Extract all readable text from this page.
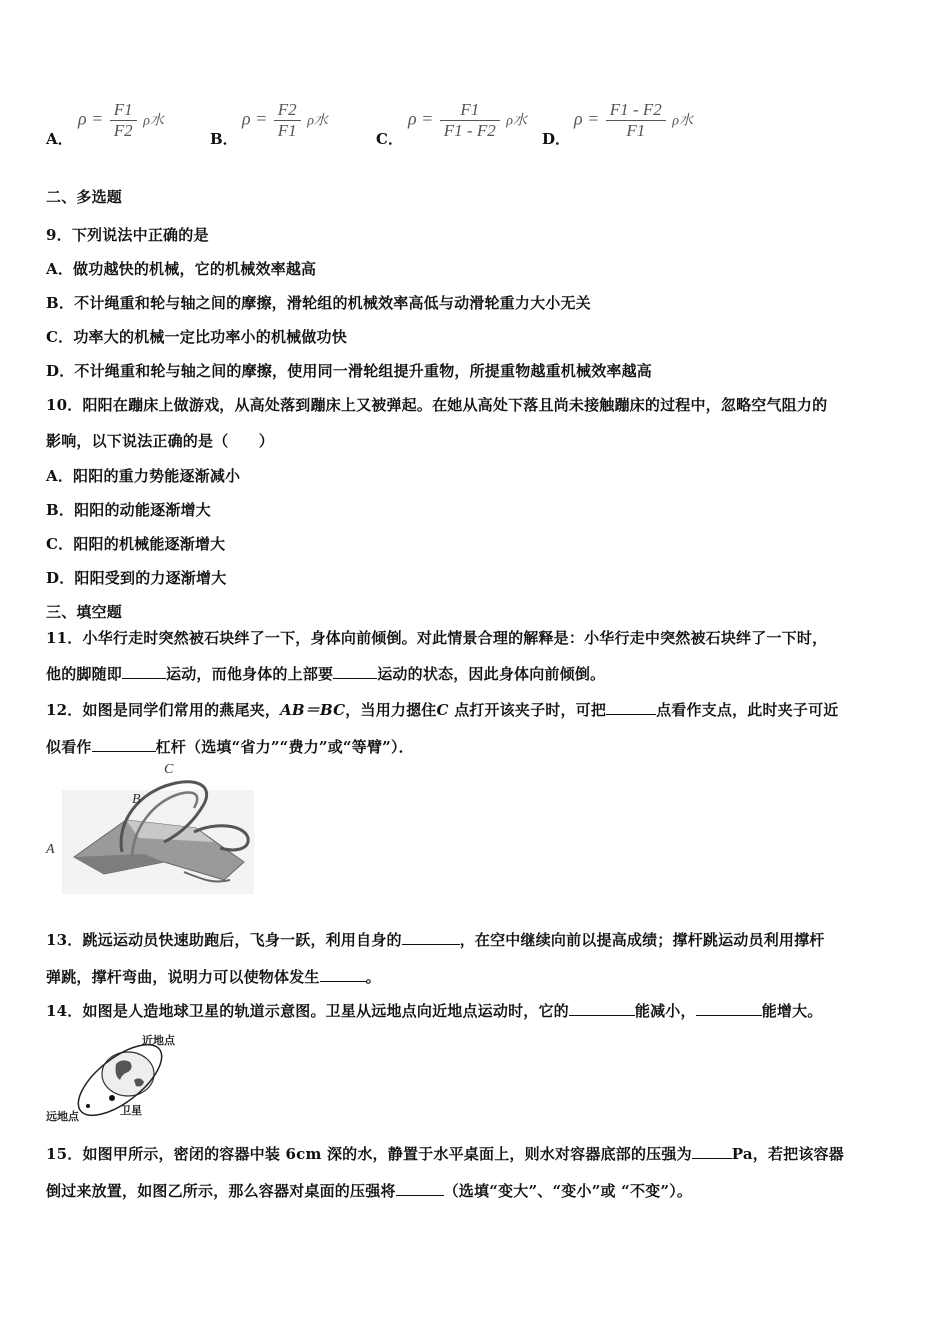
A．
$\rho = \frac{F1}{F2}$ ρ水
B．
$\rho = \frac{F2}{F1}$ ρ水
C．
$\rho = \frac{F1}{F1 - F2}$ ρ水
D．
$\rho = \frac{F1 - F2}{F1}$ ρ水
二、多选题
9．下列说法中正确的是
A．做功越快的机械，它的机械效率越高
B．不计绳重和轮与轴之间的摩擦，滑轮组的机械效率高低与动滑轮重力大小无关
C．功率大的机械一定比功率小的机械做功快
D．不计绳重和轮与轴之间的摩擦，使用同一滑轮组提升重物，所提重物越重机械效率越高
10．阳阳在蹦床上做游戏，从高处落到蹦床上又被弹起。在她从高处下落且尚未接触蹦床的过程中，忽略空气阻力的
影响，以下说法正确的是（　　）
A．阳阳的重力势能逐渐减小
B．阳阳的动能逐渐增大
C．阳阳的机械能逐渐增大
D．阳阳受到的力逐渐增大
三、填空题
11．小华行走时突然被石块绊了一下，身体向前倾倒。对此情景合理的解释是：小华行走中突然被石块绊了一下时，
他的脚随即	运动，而他身体的上部要	运动的状态，因此身体向前倾倒。
12．如图是同学们常用的燕尾夹，AB＝BC，当用力摁住C 点打开该夹子时，可把	点看作支点，此时夹子可近
似看作	杠杆（选填“省力”“费力”或“等臂”）．
C
B
A
13．跳远运动员快速助跑后，飞身一跃，利用自身的	，在空中继续向前以提高成绩；撑杆跳运动员利用撑杆
弹跳，撑杆弯曲，说明力可以使物体发生	。
14．如图是人造地球卫星的轨道示意图。卫星从远地点向近地点运动时，它的	能减小，	能增大。
近地点
远地点	卫星
15．如图甲所示，密闭的容器中装 6cm 深的水，静置于水平桌面上，则水对容器底部的压强为	Pa，若把该容器
倒过来放置，如图乙所示，那么容器对桌面的压强将	（选填“变大”、“变小”或 “不变”）。
